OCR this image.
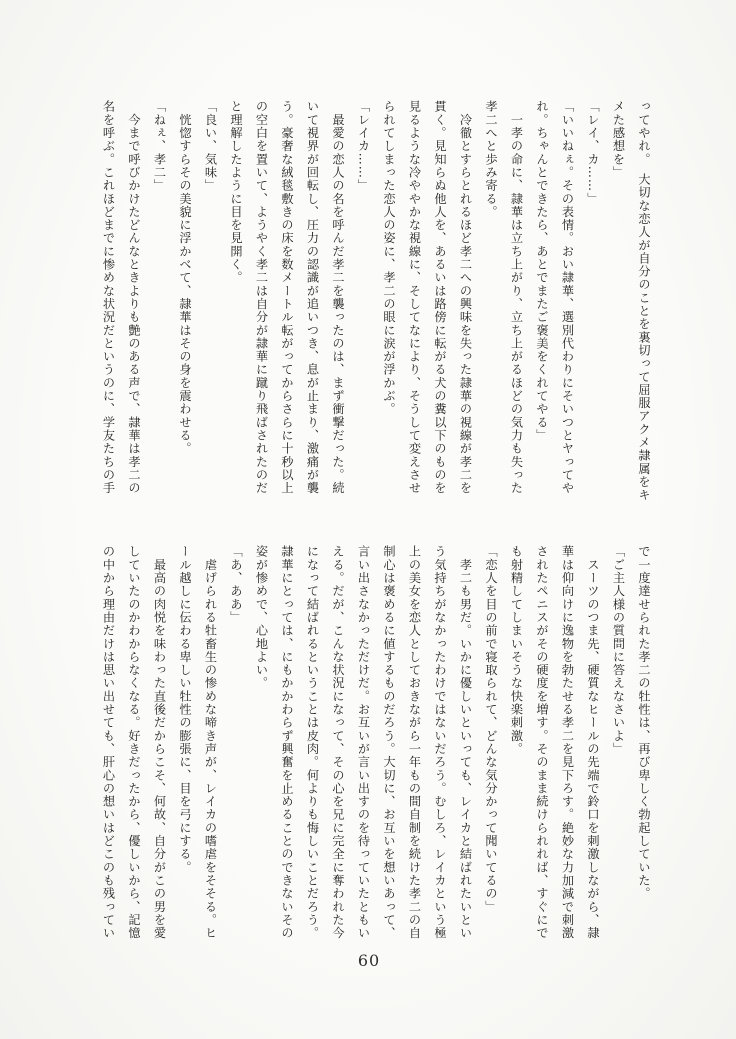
ってやれ。　大切な恋人が自分のことを裏切って屈服アクメ隷属をキ
メた感想を」
「レイ、カ……」
「いいねぇ。その表情。おい隷華、選別代わりにそいつとヤってや
れ。ちゃんとできたら、あとでまたご褒美をくれてやる」
　一孝の命に、隷華は立ち上がり、立ち上がるほどの気力も失った
孝二へと歩み寄る。
　冷徹とすらとれるほど孝二への興味を失った隷華の視線が孝二を
貫く。見知らぬ他人を、あるいは路傍に転がる犬の糞以下のものを
見るような冷ややかな視線に、そしてなにより、そうして変えさせ
られてしまった恋人の姿に、孝二の眼に涙が浮かぶ。
「レイカ……」
　最愛の恋人の名を呼んだ孝二を襲ったのは、まず衝撃だった。続
いて視界が回転し、圧力の認識が追いつき、息が止まり、激痛が襲
う。豪奢な絨毯敷きの床を数メートル転がってからさらに十秒以上
の空白を置いて、ようやく孝二は自分が隷華に蹴り飛ばされたのだ
と理解したように目を見開く。
「良い、気味」
　恍惚すらその美貌に浮かべて、隷華はその身を震わせる。
「ねぇ、孝二」
　今まで呼びかけたどんなときよりも艶のある声で、隷華は孝二の
名を呼ぶ。これほどまでに惨めな状況だというのに、学友たちの手
で一度達せられた孝二の牡性は、再び卑しく勃起していた。
「ご主人様の質問に答えなさいよ」
　スーツのつま先、硬質なヒールの先端で鈴口を刺激しながら、隷
華は仰向けに逸物を勃たせる孝二を見下ろす。絶妙な力加減で刺激
されたペニスがその硬度を増す。そのまま続けられれば、すぐにで
も射精してしまいそうな快楽刺激。
「恋人を目の前で寝取られて、どんな気分かって聞いてるの」
　孝二も男だ。いかに優しいといっても、レイカと結ばれたいとい
う気持ちがなかったわけではないだろう。むしろ、レイカという極
上の美女を恋人としておきながら一年もの間自制を続けた孝二の自
制心は褒めるに値するものだろう。大切に、お互いを想いあって、
言い出さなかっただけだ。お互いが言い出すのを待っていたともい
える。だが、こんな状況になって、その心を兄に完全に奪われた今
になって結ばれるということは皮肉。何よりも悔しいことだろう。
隷華にとっては、にもかかわらず興奮を止めることのできないその
姿が惨めで、心地よい。
「あ、ああ」
　虐げられる牡畜生の惨めな啼き声が、レイカの嗜虐をそそる。ヒ
ール越しに伝わる卑しい牡性の膨張に、目を弓にする。
　最高の肉悦を味わった直後だからこそ、何故、自分がこの男を愛
していたのかわからなくなる。好きだったから、優しいから、記憶
の中から理由だけは思い出せても、肝心の想いはどこのも残ってい
60
